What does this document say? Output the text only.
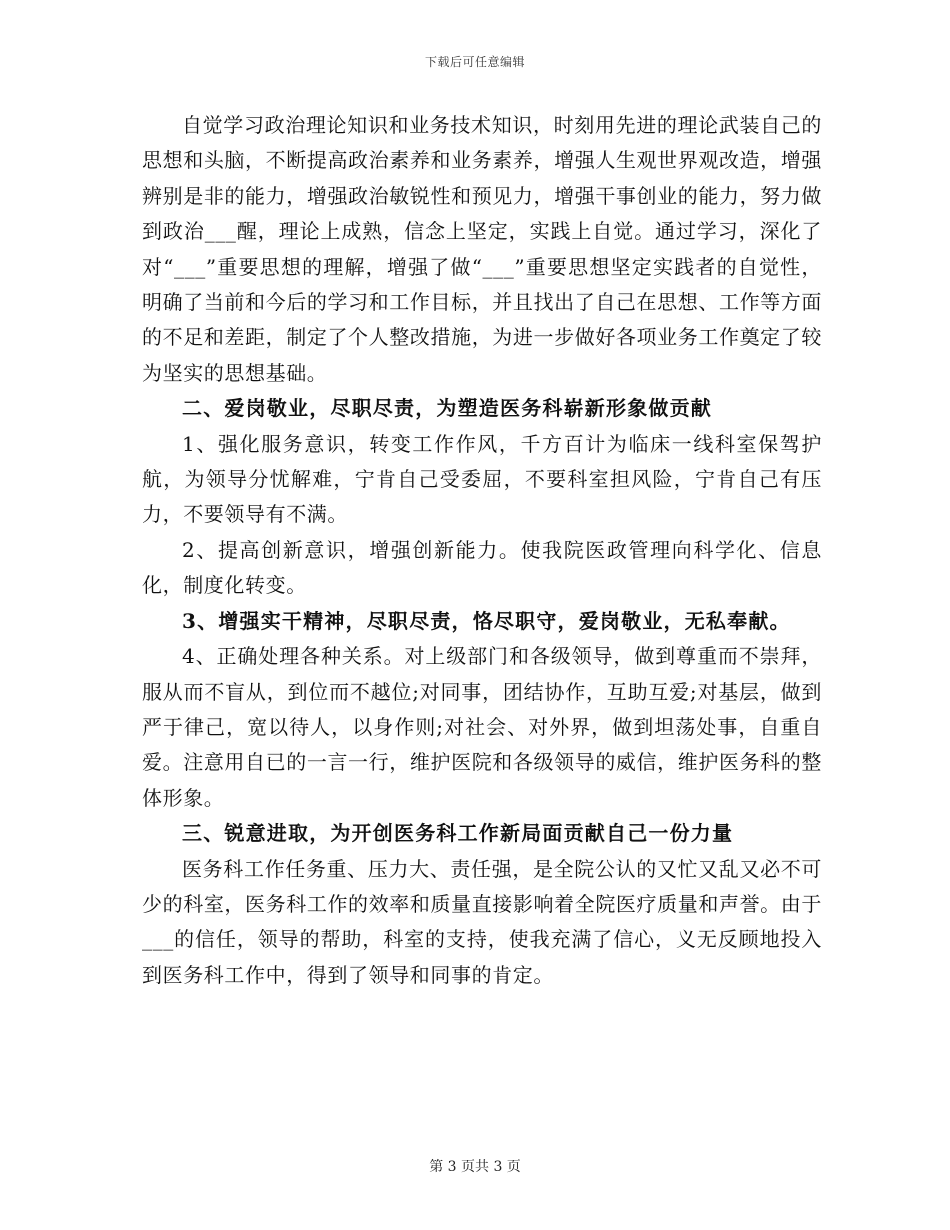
下载后可任意编辑

自觉学习政治理论知识和业务技术知识，时刻用先进的理论武装自己的思想和头脑，不断提高政治素养和业务素养，增强人生观世界观改造，增强辨别是非的能力，增强政治敏锐性和预见力，增强干事创业的能力，努力做到政治___醒，理论上成熟，信念上坚定，实践上自觉。通过学习，深化了对“___”重要思想的理解，增强了做“___”重要思想坚定实践者的自觉性，明确了当前和今后的学习和工作目标，并且找出了自己在思想、工作等方面的不足和差距，制定了个人整改措施，为进一步做好各项业务工作奠定了较为坚实的思想基础。

二、爱岗敬业，尽职尽责，为塑造医务科崭新形象做贡献

1、强化服务意识，转变工作作风，千方百计为临床一线科室保驾护航，为领导分忧解难，宁肯自己受委屈，不要科室担风险，宁肯自己有压力，不要领导有不满。

2、提高创新意识，增强创新能力。使我院医政管理向科学化、信息化，制度化转变。

3、增强实干精神，尽职尽责，恪尽职守，爱岗敬业，无私奉献。

4、正确处理各种关系。对上级部门和各级领导，做到尊重而不崇拜，服从而不盲从，到位而不越位;对同事，团结协作，互助互爱;对基层，做到严于律己，宽以待人，以身作则;对社会、对外界，做到坦荡处事，自重自爱。注意用自已的一言一行，维护医院和各级领导的威信，维护医务科的整体形象。

三、锐意进取，为开创医务科工作新局面贡献自己一份力量

医务科工作任务重、压力大、责任强，是全院公认的又忙又乱又必不可少的科室，医务科工作的效率和质量直接影响着全院医疗质量和声誉。由于___的信任，领导的帮助，科室的支持，使我充满了信心，义无反顾地投入到医务科工作中，得到了领导和同事的肯定。

第 3 页共 3 页
